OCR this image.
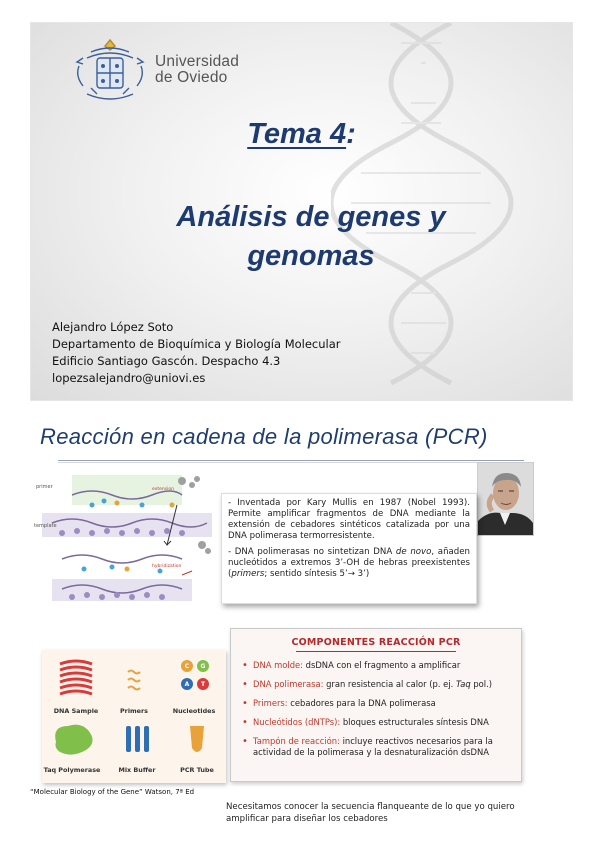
Universidad
de Oviedo
Tema 4:
Análisis de genes y
genomas
Alejandro López Soto
Departamento de Bioquímica y Biología Molecular
Edificio Santiago Gascón. Despacho 4.3
lopezsalejandro@uniovi.es
Reacción en cadena de la polimerasa (PCR)
primer
template
extension
hybridization

- Inventada por Kary Mullis en 1987 (Nobel 1993). Permite amplificar fragmentos de DNA mediante la extensión de cebadores sintéticos catalizada por una DNA polimerasa termorresistente.

- DNA polimerasas no sintetizan DNA de novo, añaden nucleótidos a extremos 3’-OH de hebras preexistentes (primers; sentido síntesis 5’→ 3’)

C G
A T
DNA Sample	Primers	Nucleotides
Taq Polymerase	Mix Buffer	PCR Tube
“Molecular Biology of the Gene” Watson, 7ª Ed
COMPONENTES REACCIÓN PCR
• DNA molde: dsDNA con el fragmento a amplificar
• DNA polimerasa: gran resistencia al calor (p. ej. Taq pol.)
• Primers: cebadores para la DNA polimerasa
• Nucleótidos (dNTPs): bloques estructurales síntesis DNA
• Tampón de reacción: incluye reactivos necesarios para la actividad de la polimerasa y la desnaturalización dsDNA
Necesitamos conocer la secuencia flanqueante de lo que yo quiero amplificar para diseñar los cebadores
